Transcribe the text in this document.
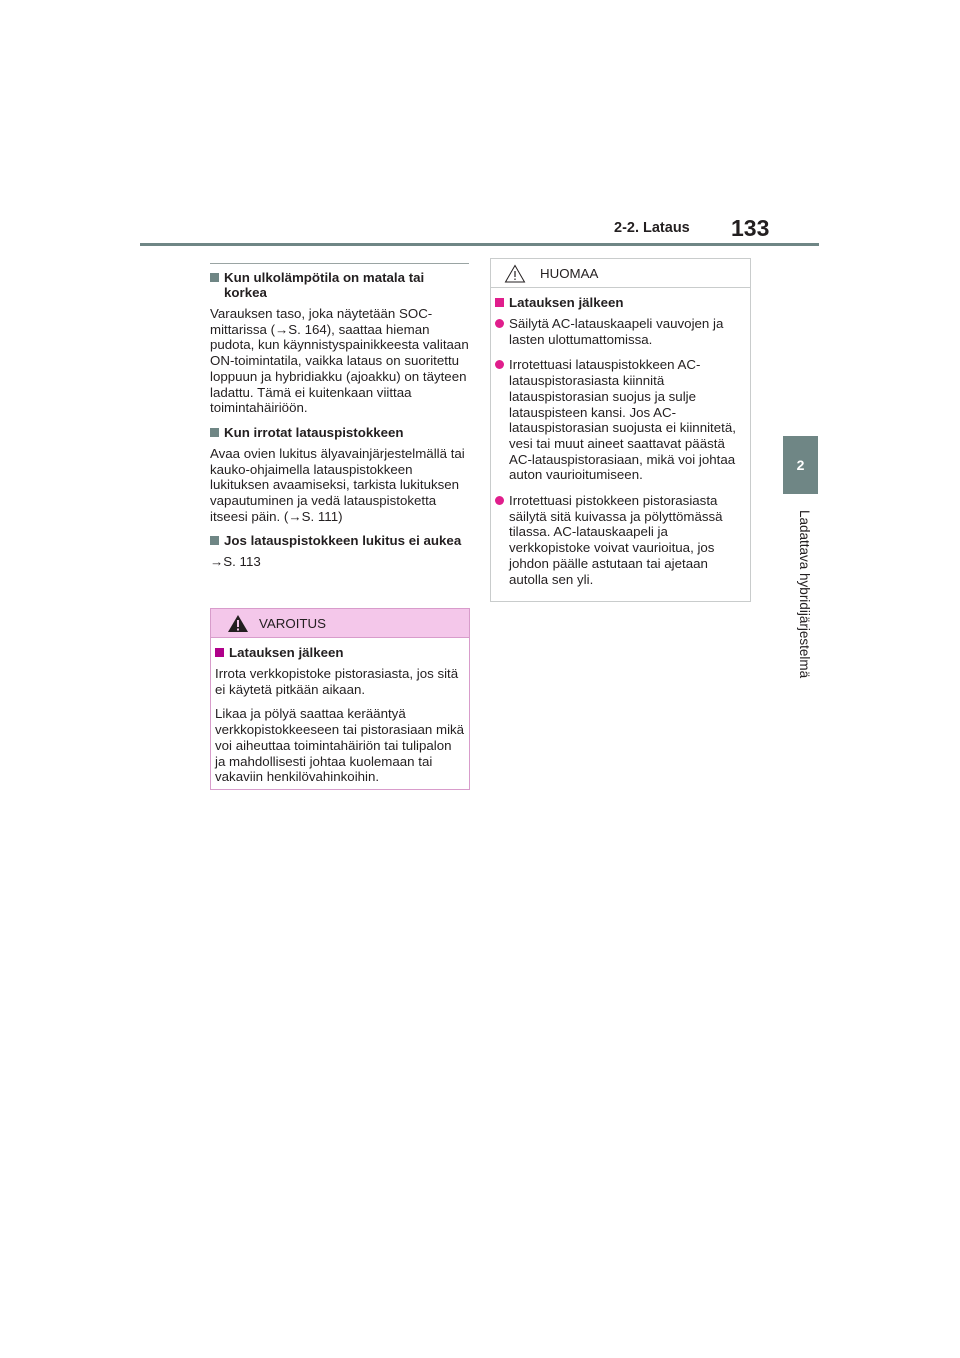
2-2. Lataus 133
2
Ladattava hybridijärjestelmä
Kun ulkolämpötila on matala tai korkea

Varauksen taso, joka näytetään SOC-mittarissa (→S. 164), saattaa hieman pudota, kun käynnistyspainikkeesta valitaan ON-toimintatila, vaikka lataus on suoritettu loppuun ja hybridiakku (ajoakku) on täyteen ladattu. Tämä ei kuitenkaan viittaa toimintahäiriöön.

Kun irrotat latauspistokkeen

Avaa ovien lukitus älyavainjärjestelmällä tai kauko-ohjaimella latauspistokkeen lukituksen avaamiseksi, tarkista lukituksen vapautuminen ja vedä latauspistoketta itseesi päin. (→S. 111)

Jos latauspistokkeen lukitus ei aukea

→S. 113

VAROITUS
Latauksen jälkeen

Irrota verkkopistoke pistorasiasta, jos sitä ei käytetä pitkään aikaan.

Likaa ja pölyä saattaa kerääntyä verkkopistokkeeseen tai pistorasiaan mikä voi aiheuttaa toimintahäiriön tai tulipalon ja mahdollisesti johtaa kuolemaan tai vakaviin henkilövahinkoihin.

HUOMAA
Latauksen jälkeen
Säilytä AC-latauskaapeli vauvojen ja lasten ulottumattomissa.
Irrotettuasi latauspistokkeen AC-latauspistorasiasta kiinnitä latauspistorasian suojus ja sulje latauspisteen kansi. Jos AC-latauspistorasian suojusta ei kiinnitetä, vesi tai muut aineet saattavat päästä AC-latauspistorasiaan, mikä voi johtaa auton vaurioitumiseen.
Irrotettuasi pistokkeen pistorasiasta säilytä sitä kuivassa ja pölyttömässä tilassa. AC-latauskaapeli ja verkkopistoke voivat vaurioitua, jos johdon päälle astutaan tai ajetaan autolla sen yli.
